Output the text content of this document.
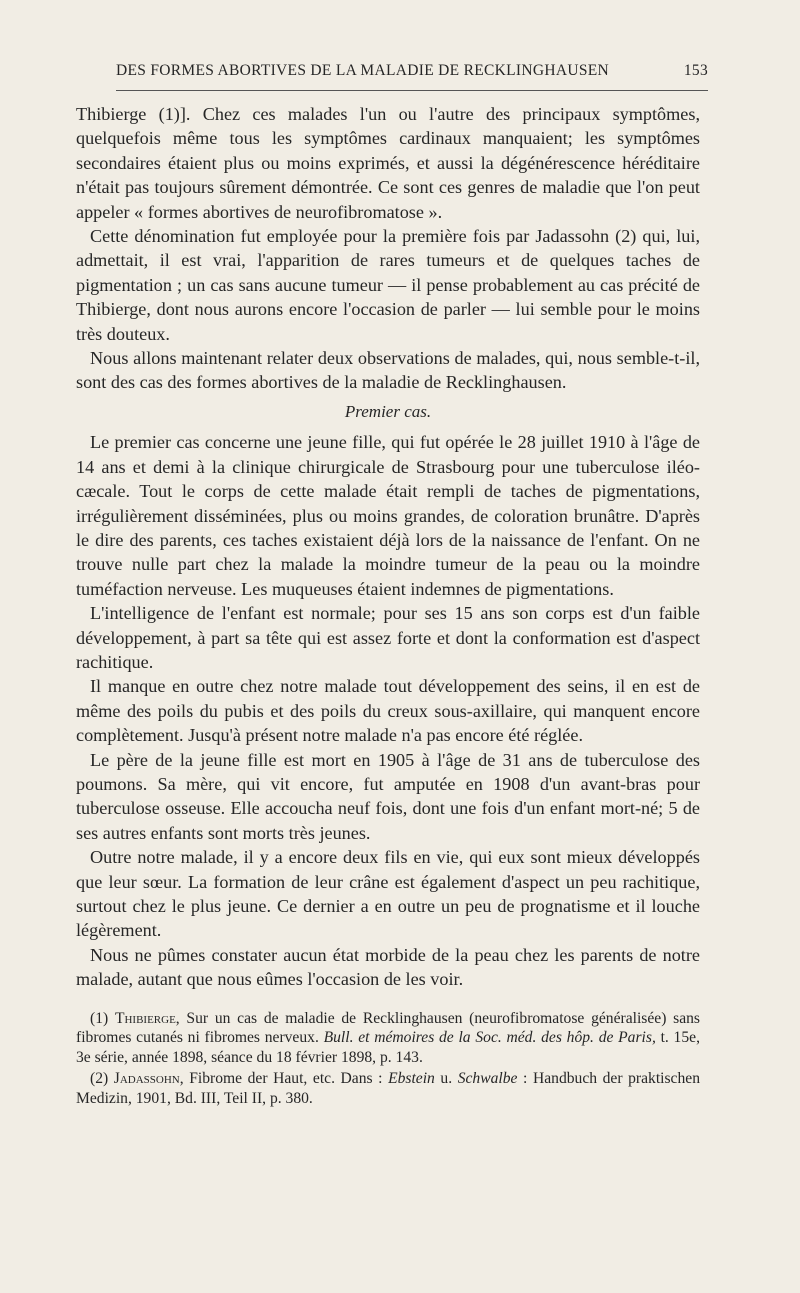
DES FORMES ABORTIVES DE LA MALADIE DE RECKLINGHAUSEN	153

Thibierge (1)]. Chez ces malades l'un ou l'autre des principaux symptômes, quelquefois même tous les symptômes cardinaux manquaient; les symptômes secondaires étaient plus ou moins exprimés, et aussi la dégénérescence héréditaire n'était pas toujours sûrement démontrée. Ce sont ces genres de maladie que l'on peut appeler « formes abortives de neurofibromatose ».

Cette dénomination fut employée pour la première fois par Jadassohn (2) qui, lui, admettait, il est vrai, l'apparition de rares tumeurs et de quelques taches de pigmentation ; un cas sans aucune tumeur — il pense probablement au cas précité de Thibierge, dont nous aurons encore l'occasion de parler — lui semble pour le moins très douteux.

Nous allons maintenant relater deux observations de malades, qui, nous semble-t-il, sont des cas des formes abortives de la maladie de Recklinghausen.

Premier cas.

Le premier cas concerne une jeune fille, qui fut opérée le 28 juillet 1910 à l'âge de 14 ans et demi à la clinique chirurgicale de Strasbourg pour une tuberculose iléo-cæcale. Tout le corps de cette malade était rempli de taches de pigmentations, irrégulièrement disséminées, plus ou moins grandes, de coloration brunâtre. D'après le dire des parents, ces taches existaient déjà lors de la naissance de l'enfant. On ne trouve nulle part chez la malade la moindre tumeur de la peau ou la moindre tuméfaction nerveuse. Les muqueuses étaient indemnes de pigmentations.

L'intelligence de l'enfant est normale; pour ses 15 ans son corps est d'un faible développement, à part sa tête qui est assez forte et dont la conformation est d'aspect rachitique.

Il manque en outre chez notre malade tout développement des seins, il en est de même des poils du pubis et des poils du creux sous-axillaire, qui manquent encore complètement. Jusqu'à présent notre malade n'a pas encore été réglée.

Le père de la jeune fille est mort en 1905 à l'âge de 31 ans de tuberculose des poumons. Sa mère, qui vit encore, fut amputée en 1908 d'un avant-bras pour tuberculose osseuse. Elle accoucha neuf fois, dont une fois d'un enfant mort-né; 5 de ses autres enfants sont morts très jeunes.

Outre notre malade, il y a encore deux fils en vie, qui eux sont mieux développés que leur sœur. La formation de leur crâne est également d'aspect un peu rachitique, surtout chez le plus jeune. Ce dernier a en outre un peu de prognatisme et il louche légèrement.

Nous ne pûmes constater aucun état morbide de la peau chez les parents de notre malade, autant que nous eûmes l'occasion de les voir.

(1) Thibierge, Sur un cas de maladie de Recklinghausen (neurofibromatose généralisée) sans fibromes cutanés ni fibromes nerveux. Bull. et mémoires de la Soc. méd. des hôp. de Paris, t. 15e, 3e série, année 1898, séance du 18 février 1898, p. 143.

(2) Jadassohn, Fibrome der Haut, etc. Dans : Ebstein u. Schwalbe : Handbuch der praktischen Medizin, 1901, Bd. III, Teil II, p. 380.
